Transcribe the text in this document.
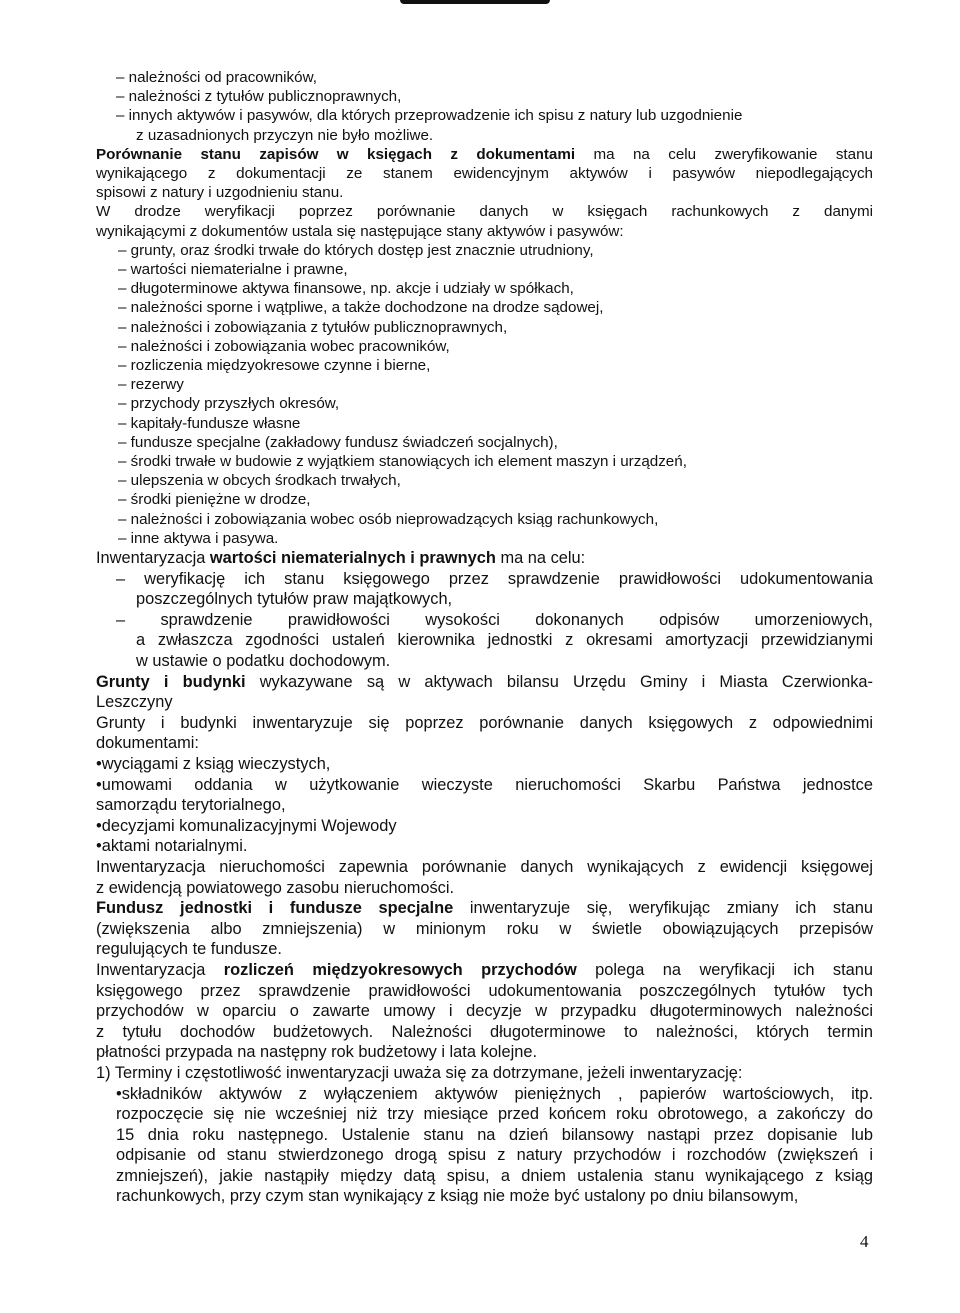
– należności od pracowników,

– należności z tytułów publicznoprawnych,

– innych aktywów i pasywów, dla których przeprowadzenie ich spisu z natury lub uzgodnienie

z uzasadnionych przyczyn nie było możliwe.

Porównanie stanu zapisów w księgach z dokumentami ma na celu zweryfikowanie stanu

wynikającego z dokumentacji ze stanem ewidencyjnym aktywów i pasywów niepodlegających

spisowi z natury i uzgodnieniu stanu.

W drodze weryfikacji poprzez porównanie danych w księgach rachunkowych z danymi

wynikającymi z dokumentów ustala się następujące stany aktywów i pasywów:

– grunty, oraz środki trwałe do których dostęp jest znacznie utrudniony,

– wartości niematerialne i prawne,

– długoterminowe aktywa finansowe, np. akcje i udziały w spółkach,

– należności sporne i wątpliwe, a także dochodzone na drodze sądowej,

– należności i zobowiązania z tytułów publicznoprawnych,

– należności i zobowiązania wobec pracowników,

– rozliczenia międzyokresowe czynne i bierne,

– rezerwy

– przychody przyszłych okresów,

– kapitały-fundusze własne

– fundusze specjalne (zakładowy fundusz świadczeń socjalnych),

– środki trwałe w budowie z wyjątkiem stanowiących ich element maszyn i urządzeń,

– ulepszenia w obcych środkach trwałych,

– środki pieniężne w drodze,

– należności i zobowiązania wobec osób nieprowadzących ksiąg rachunkowych,

– inne aktywa i pasywa.

Inwentaryzacja wartości niematerialnych i prawnych ma na celu:

– weryfikację ich stanu księgowego przez sprawdzenie prawidłowości udokumentowania

poszczególnych tytułów praw majątkowych,

– sprawdzenie prawidłowości wysokości dokonanych odpisów umorzeniowych,

a zwłaszcza zgodności ustaleń kierownika jednostki z okresami amortyzacji przewidzianymi

w ustawie o podatku dochodowym.

Grunty i budynki wykazywane są w aktywach bilansu Urzędu Gminy i Miasta Czerwionka-

Leszczyny

Grunty i budynki inwentaryzuje się poprzez porównanie danych księgowych z odpowiednimi

dokumentami:

•wyciągami z ksiąg wieczystych,

•umowami oddania w użytkowanie wieczyste nieruchomości Skarbu Państwa jednostce

samorządu terytorialnego,

•decyzjami komunalizacyjnymi Wojewody

•aktami notarialnymi.

Inwentaryzacja nieruchomości zapewnia porównanie danych wynikających z ewidencji księgowej

z ewidencją powiatowego zasobu nieruchomości.

Fundusz jednostki i fundusze specjalne inwentaryzuje się, weryfikując zmiany ich stanu

(zwiększenia albo zmniejszenia) w minionym roku w świetle obowiązujących przepisów

regulujących te fundusze.

Inwentaryzacja rozliczeń międzyokresowych przychodów polega na weryfikacji ich stanu

księgowego przez sprawdzenie prawidłowości udokumentowania poszczególnych tytułów tych

przychodów w oparciu o zawarte umowy i decyzje w przypadku długoterminowych należności

z tytułu dochodów budżetowych. Należności długoterminowe to należności, których termin

płatności przypada na następny rok budżetowy i lata kolejne.

1) Terminy i częstotliwość inwentaryzacji uważa się za dotrzymane, jeżeli inwentaryzację:

•składników aktywów z wyłączeniem aktywów pieniężnych , papierów wartościowych, itp.

rozpoczęcie się nie wcześniej niż trzy miesiące przed końcem roku obrotowego, a zakończy do

15 dnia roku następnego. Ustalenie stanu na dzień bilansowy nastąpi przez dopisanie lub

odpisanie od stanu stwierdzonego drogą spisu z natury przychodów i rozchodów (zwiększeń i

zmniejszeń), jakie nastąpiły między datą spisu, a dniem ustalenia stanu wynikającego z ksiąg

rachunkowych, przy czym stan wynikający z ksiąg nie może być ustalony po dniu bilansowym,

4
